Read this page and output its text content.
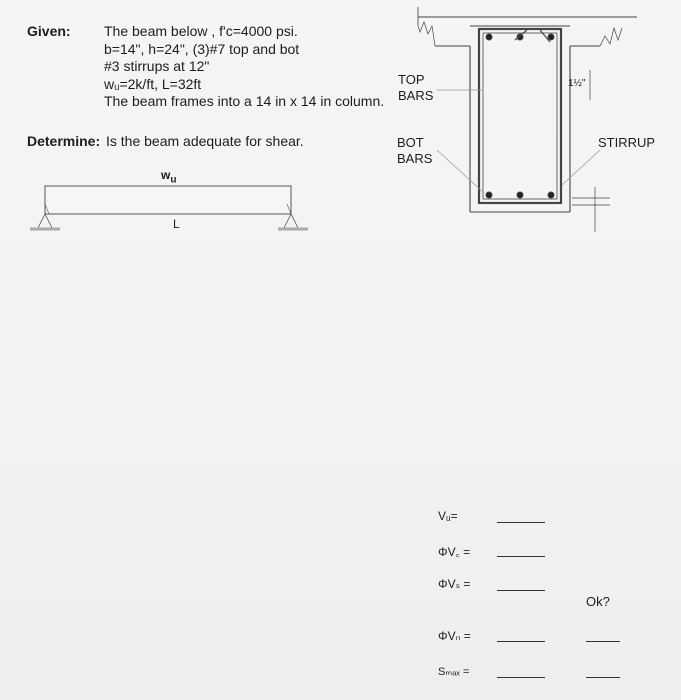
Given: The beam below , f'c=4000 psi.
b=14", h=24", (3)#7 top and bot
#3 stirrups at 12"
wᵤ=2k/ft, L=32ft
The beam frames into a 14 in x 14 in column.
Determine: Is the beam adequate for shear.
TOP
BARS
BOT
BARS
STIRRUP
1½"
$w_u$
L
Vᵤ=
ΦV꜀ =
ΦVₛ =
Ok?
ΦVₙ =
Sₘₐₓ =
